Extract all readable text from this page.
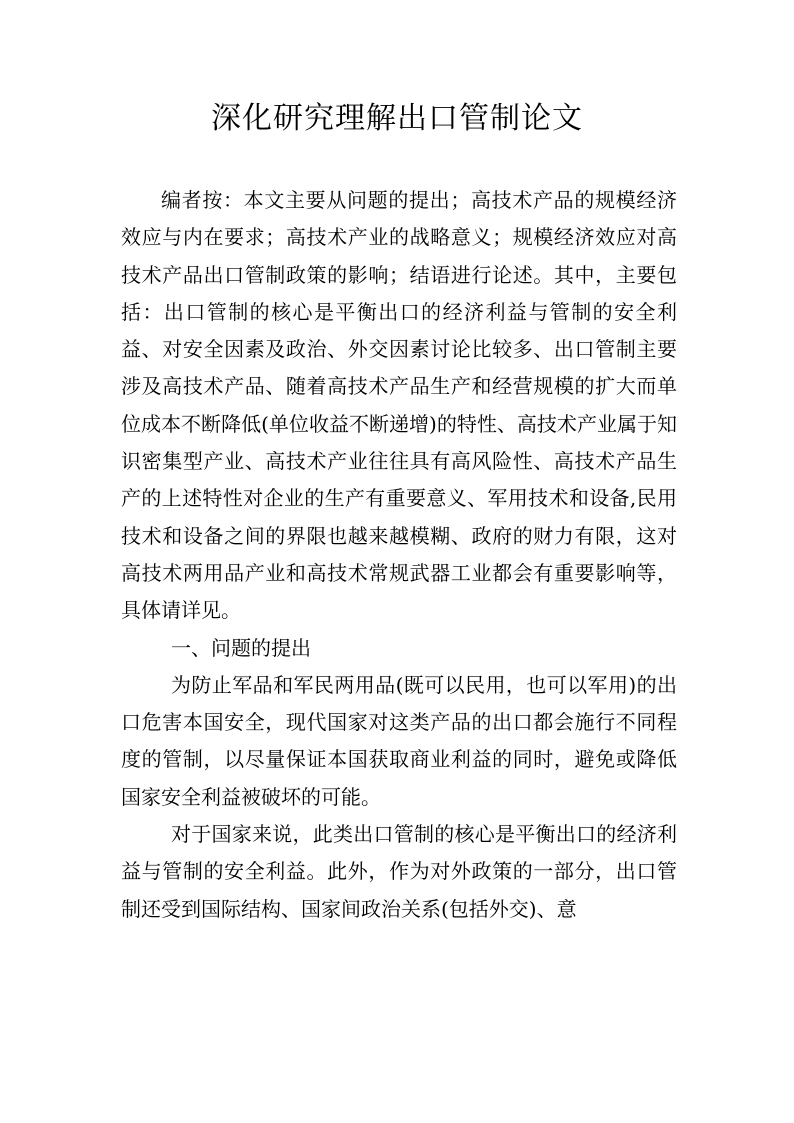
深化研究理解出口管制论文

编者按：本文主要从问题的提出；高技术产品的规模经济效应与内在要求；高技术产业的战略意义；规模经济效应对高技术产品出口管制政策的影响；结语进行论述。其中，主要包括：出口管制的核心是平衡出口的经济利益与管制的安全利益、对安全因素及政治、外交因素讨论比较多、出口管制主要涉及高技术产品、随着高技术产品生产和经营规模的扩大而单位成本不断降低(单位收益不断递增)的特性、高技术产业属于知识密集型产业、高技术产业往往具有高风险性、高技术产品生产的上述特性对企业的生产有重要意义、军用技术和设备,民用技术和设备之间的界限也越来越模糊、政府的财力有限，这对高技术两用品产业和高技术常规武器工业都会有重要影响等，具体请详见。

一、问题的提出

为防止军品和军民两用品(既可以民用，也可以军用)的出口危害本国安全，现代国家对这类产品的出口都会施行不同程度的管制，以尽量保证本国获取商业利益的同时，避免或降低国家安全利益被破坏的可能。

对于国家来说，此类出口管制的核心是平衡出口的经济利益与管制的安全利益。此外，作为对外政策的一部分，出口管制还受到国际结构、国家间政治关系(包括外交)、意
